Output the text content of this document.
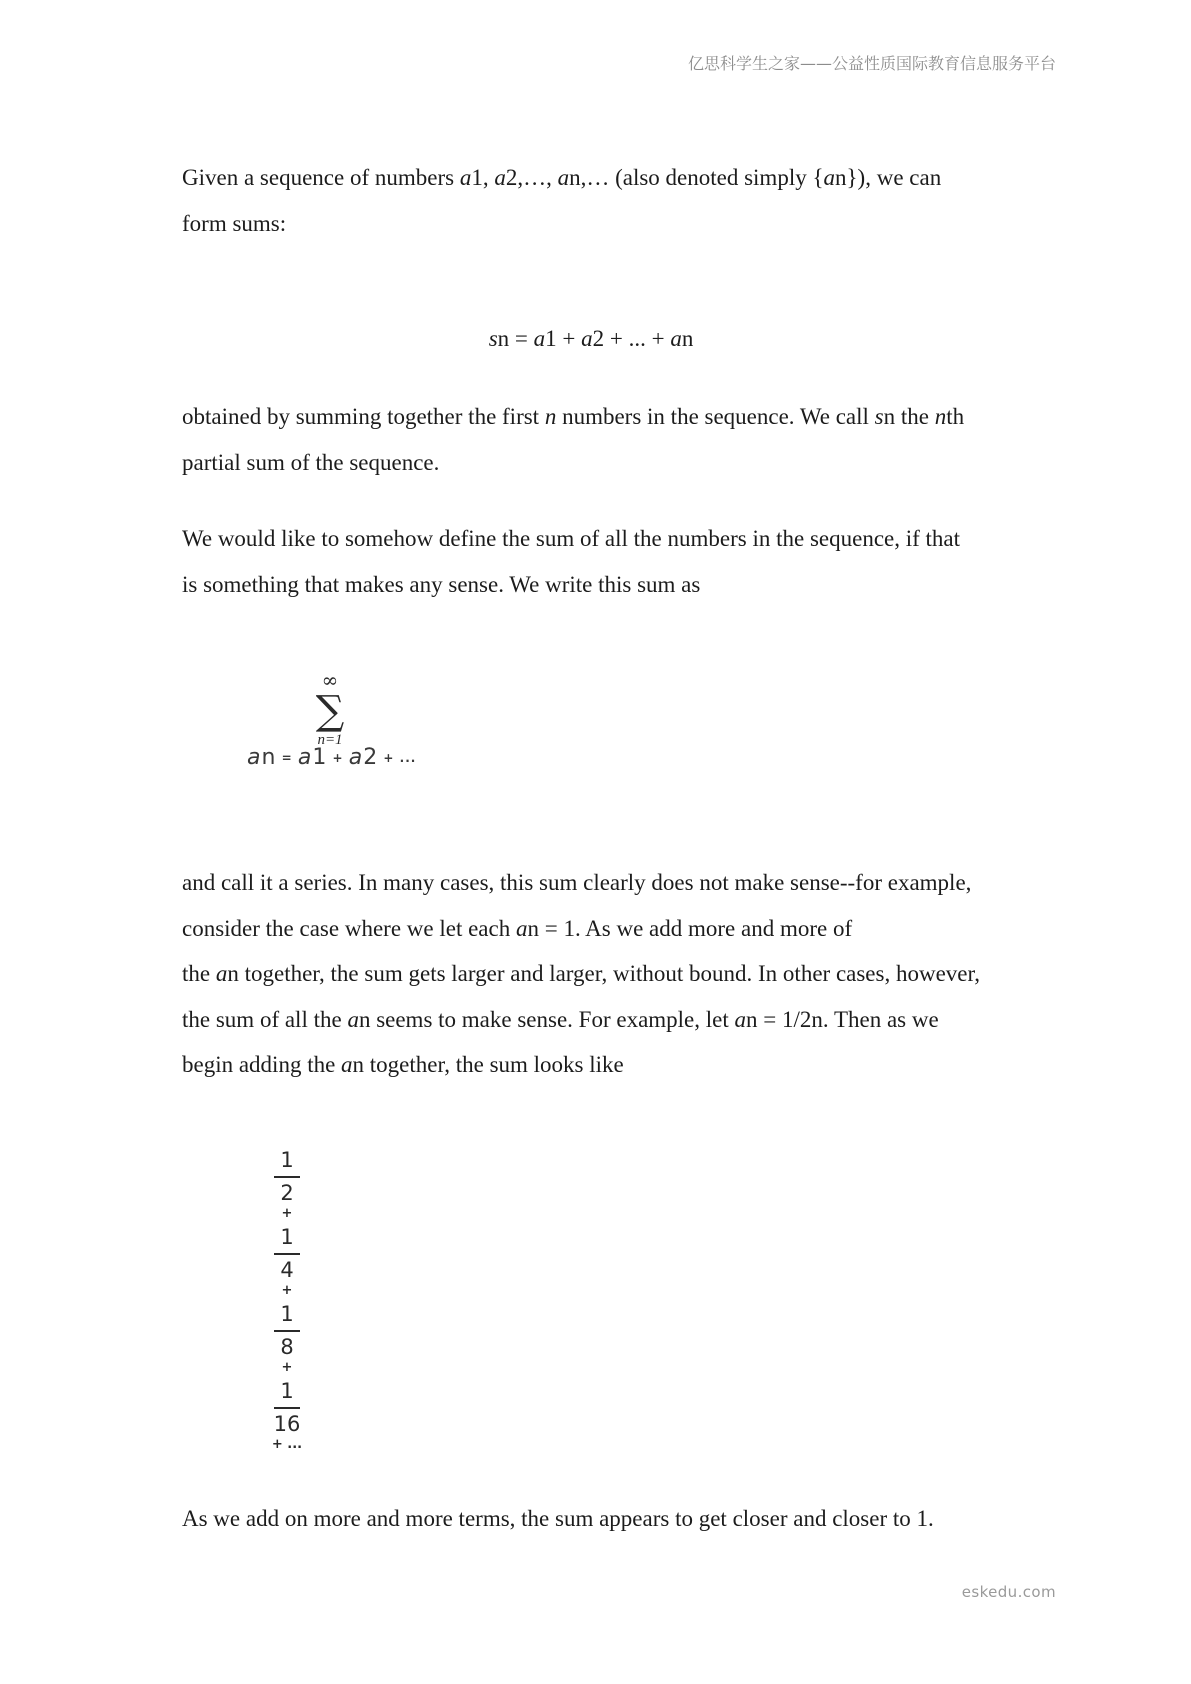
亿思科学生之家——公益性质国际教育信息服务平台
Given a sequence of numbers a1, a2,…, an,… (also denoted simply {an}), we can
form sums:
sn = a1 + a2 + ... + an
obtained by summing together the first n numbers in the sequence. We call sn the nth
partial sum of the sequence.
We would like to somehow define the sum of all the numbers in the sequence, if that
is something that makes any sense. We write this sum as
∞
∑
n=1
an = a1 + a2 + ...
and call it a series. In many cases, this sum clearly does not make sense--for example,
consider the case where we let each an = 1. As we add more and more of
the an together, the sum gets larger and larger, without bound. In other cases, however,
the sum of all the an seems to make sense. For example, let an = 1/2n. Then as we
begin adding the an together, the sum looks like
1
2
+
1
4
+
1
8
+
1
16
+ ...
As we add on more and more terms, the sum appears to get closer and closer to 1.
eskedu.com
